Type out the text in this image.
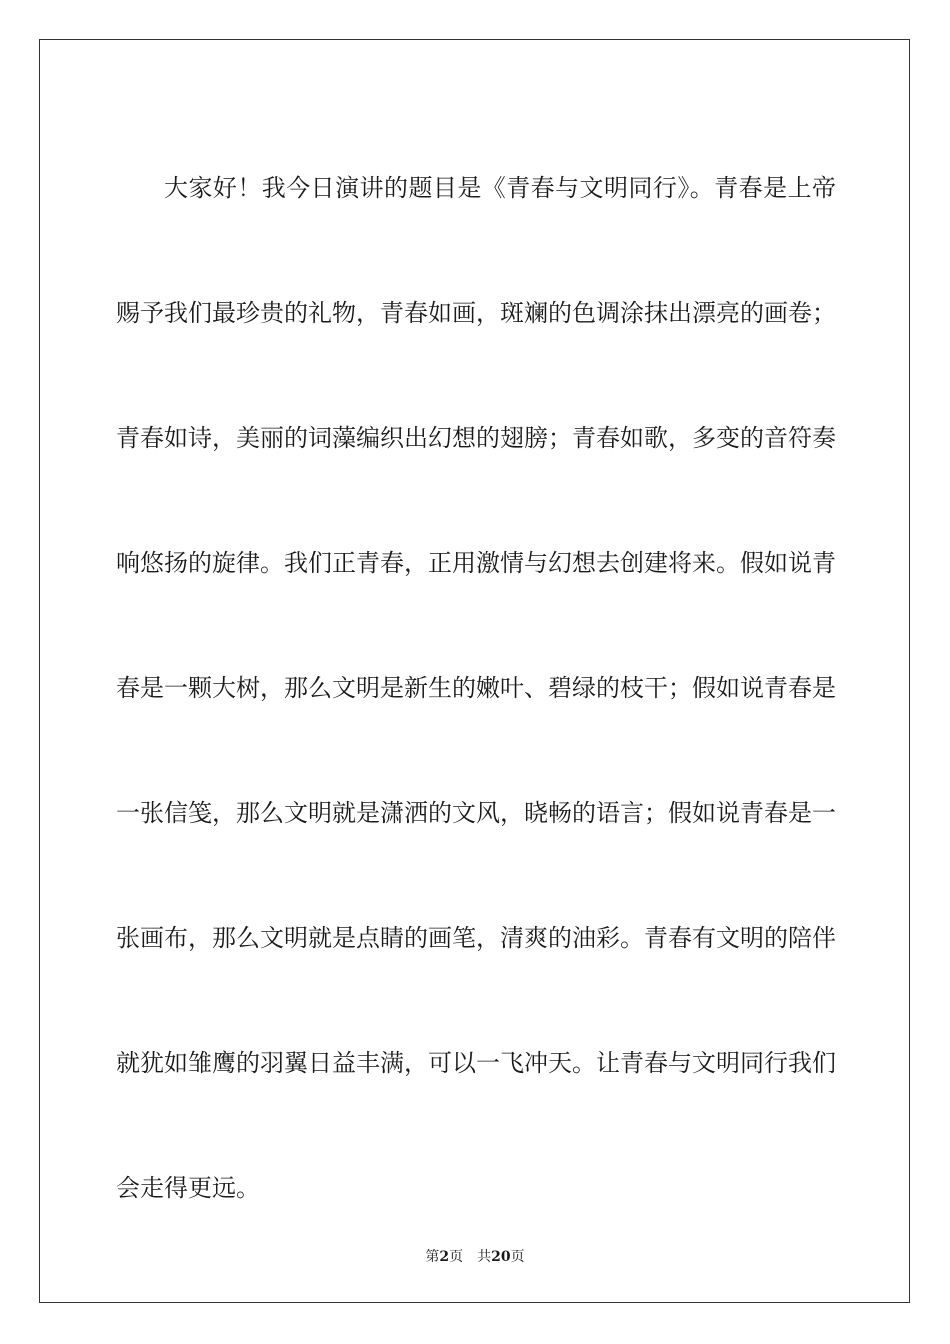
大家好！我今日演讲的题目是《青春与文明同行》。青春是上帝
赐予我们最珍贵的礼物，青春如画，斑斓的色调涂抹出漂亮的画卷；
青春如诗，美丽的词藻编织出幻想的翅膀；青春如歌，多变的音符奏
响悠扬的旋律。我们正青春，正用激情与幻想去创建将来。假如说青
春是一颗大树，那么文明是新生的嫩叶、碧绿的枝干；假如说青春是
一张信笺，那么文明就是潇洒的文风，晓畅的语言；假如说青春是一
张画布，那么文明就是点睛的画笔，清爽的油彩。青春有文明的陪伴
就犹如雏鹰的羽翼日益丰满，可以一飞冲天。让青春与文明同行我们
会走得更远。
第2页 共20页
